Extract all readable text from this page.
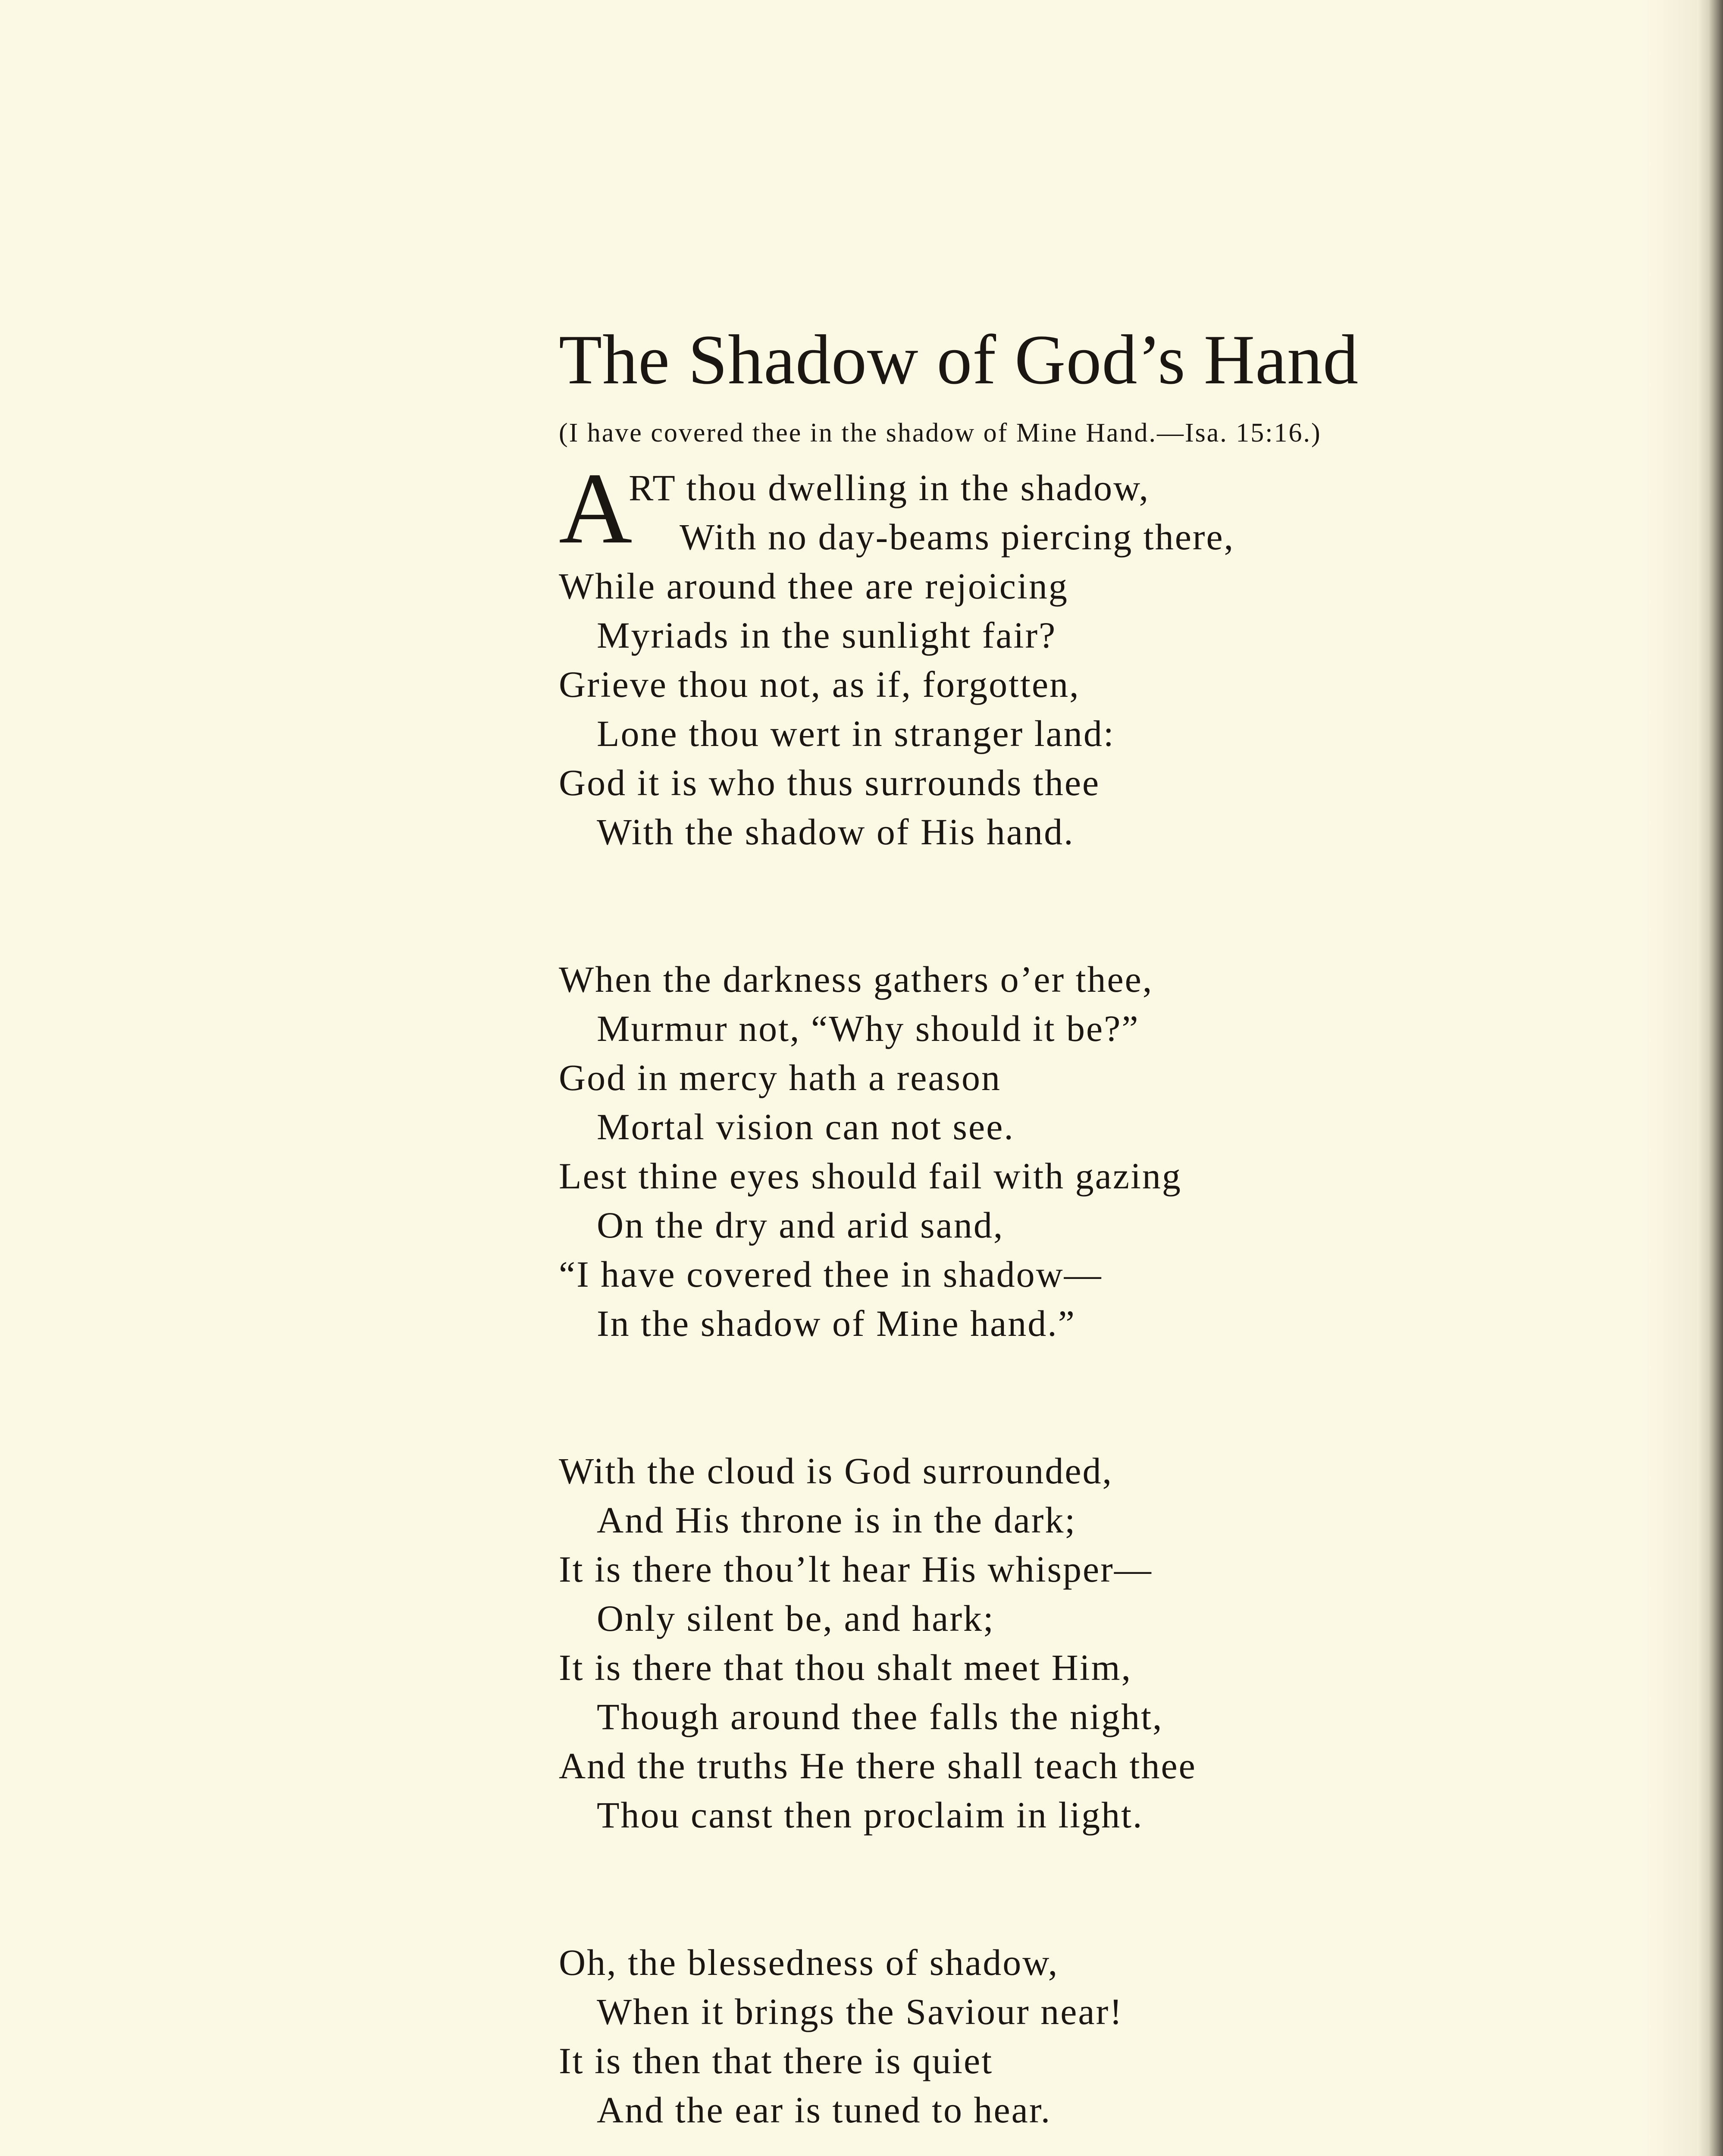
The Shadow of God’s Hand
(I have covered thee in the shadow of Mine Hand.—Isa. 15:16.)
A
RT thou dwelling in the shadow,
With no day-beams piercing there,
While around thee are rejoicing
Myriads in the sunlight fair?
Grieve thou not, as if, forgotten,
Lone thou wert in stranger land:
God it is who thus surrounds thee
With the shadow of His hand.
When the darkness gathers o’er thee,
Murmur not, “Why should it be?”
God in mercy hath a reason
Mortal vision can not see.
Lest thine eyes should fail with gazing
On the dry and arid sand,
“I have covered thee in shadow—
In the shadow of Mine hand.”
With the cloud is God surrounded,
And His throne is in the dark;
It is there thou’lt hear His whisper—
Only silent be, and hark;
It is there that thou shalt meet Him,
Though around thee falls the night,
And the truths He there shall teach thee
Thou canst then proclaim in light.
Oh, the blessedness of shadow,
When it brings the Saviour near!
It is then that there is quiet
And the ear is tuned to hear.
